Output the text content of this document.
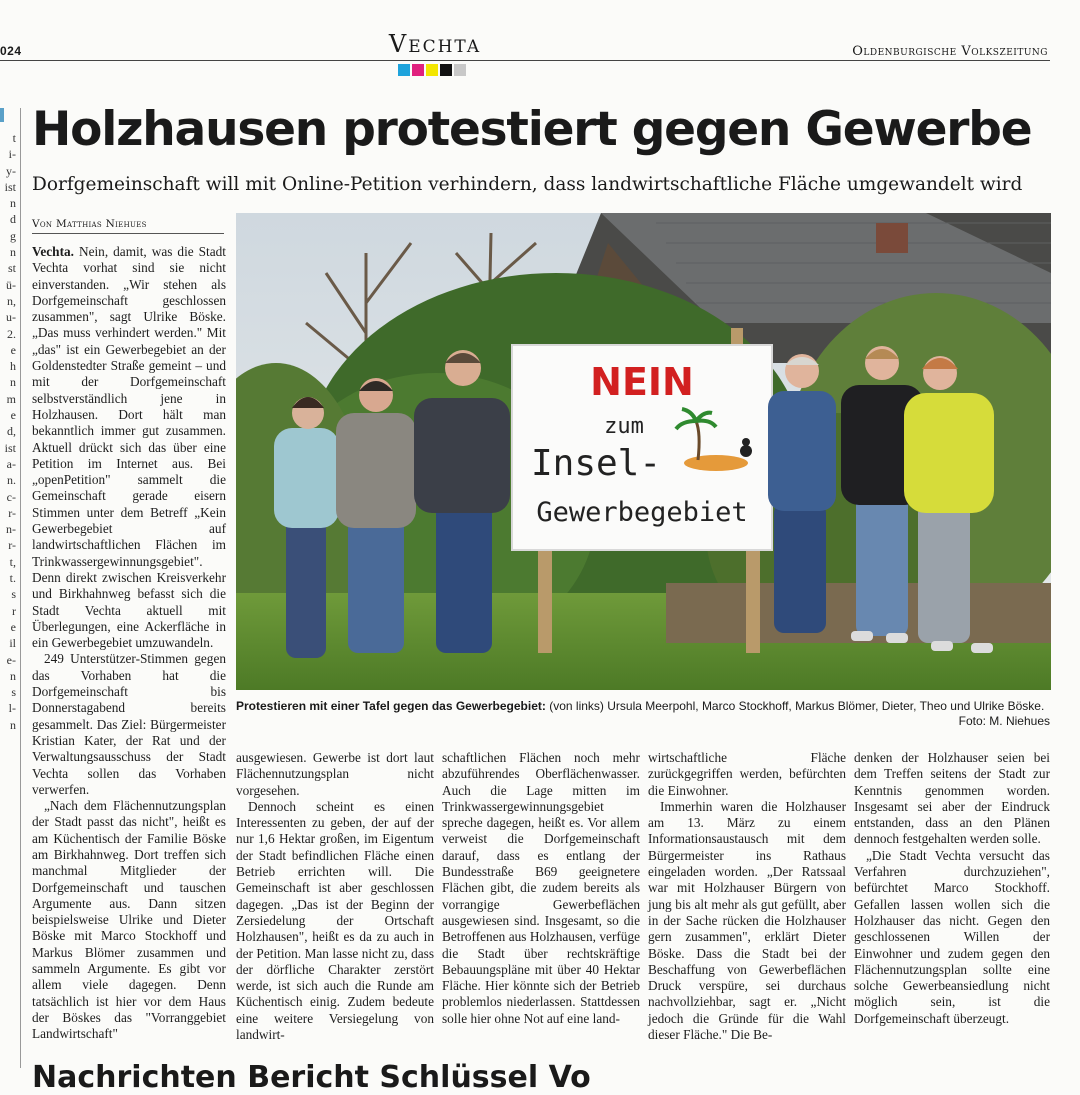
024	Vechta	Oldenburgische Volkszeitung
t
i-
y-
ist
n
d
g
n
st
ü-
n,
u-
2.
e
h
n
m
e
d,
ist
a-
n.
c-
r-
n-
r-
t,
t.
s
r
e
il
e-
n
s
l-
n
Holzhausen protestiert gegen Gewerbe
Dorfgemeinschaft will mit Online-Petition verhindern, dass landwirtschaftliche Fläche umgewandelt wird
Von Matthias Niehues

Vechta. Nein, damit, was die Stadt Vechta vorhat sind sie nicht einverstanden. „Wir stehen als Dorfgemeinschaft geschlossen zusammen", sagt Ulrike Böske. „Das muss verhindert werden." Mit „das" ist ein Gewerbegebiet an der Goldenstedter Straße gemeint – und mit der Dorfgemeinschaft selbstverständlich jene in Holzhausen. Dort hält man bekanntlich immer gut zusammen. Aktuell drückt sich das über eine Petition im Internet aus. Bei „openPetition" sammelt die Gemeinschaft gerade eisern Stimmen unter dem Betreff „Kein Gewerbegebiet auf landwirtschaftlichen Flächen im Trinkwassergewinnungsgebiet". Denn direkt zwischen Kreisverkehr und Birkhahnweg befasst sich die Stadt Vechta aktuell mit Überlegungen, eine Ackerfläche in ein Gewerbegebiet umzuwandeln.

249 Unterstützer-Stimmen gegen das Vorhaben hat die Dorfgemeinschaft bis Donnerstagabend bereits gesammelt. Das Ziel: Bürgermeister Kristian Kater, der Rat und der Verwaltungsausschuss der Stadt Vechta sollen das Vorhaben verwerfen.

„Nach dem Flächennutzungsplan der Stadt passt das nicht", heißt es am Küchentisch der Familie Böske am Birkhahnweg. Dort treffen sich manchmal Mitglieder der Dorfgemeinschaft und tauschen Argumente aus. Dann sitzen beispielsweise Ulrike und Dieter Böske mit Marco Stockhoff und Markus Blömer zusammen und sammeln Argumente. Es gibt vor allem viele dagegen. Denn tatsächlich ist hier vor dem Haus der Böskes das "Vorranggebiet Landwirtschaft"

NEIN
zum
Insel-
Gewerbegebiet
Protestieren mit einer Tafel gegen das Gewerbegebiet: (von links) Ursula Meerpohl, Marco Stockhoff, Markus Blömer, Dieter, Theo und Ulrike Böske.
Foto: M. Niehues

ausgewiesen. Gewerbe ist dort laut Flächennutzungsplan nicht vorgesehen.

Dennoch scheint es einen Interessenten zu geben, der auf der nur 1,6 Hektar großen, im Eigentum der Stadt befindlichen Fläche einen Betrieb errichten will. Die Gemeinschaft ist aber geschlossen dagegen. „Das ist der Beginn der Zersiedelung der Ortschaft Holzhausen", heißt es da zu auch in der Petition. Man lasse nicht zu, dass der dörfliche Charakter zerstört werde, ist sich auch die Runde am Küchentisch einig. Zudem bedeute eine weitere Versiegelung von landwirt-

schaftlichen Flächen noch mehr abzuführendes Oberflächenwasser. Auch die Lage mitten im Trinkwassergewinnungsgebiet spreche dagegen, heißt es. Vor allem verweist die Dorfgemeinschaft darauf, dass es entlang der Bundesstraße B69 geeignetere Flächen gibt, die zudem bereits als vorrangige Gewerbeflächen ausgewiesen sind. Insgesamt, so die Betroffenen aus Holzhausen, verfüge die Stadt über rechtskräftige Bebauungspläne mit über 40 Hektar Fläche. Hier könnte sich der Betrieb problemlos niederlassen. Stattdessen solle hier ohne Not auf eine land-

wirtschaftliche Fläche zurückgegriffen werden, befürchten die Einwohner.

Immerhin waren die Holzhauser am 13. März zu einem Informationsaustausch mit dem Bürgermeister ins Rathaus eingeladen worden. „Der Ratssaal war mit Holzhauser Bürgern von jung bis alt mehr als gut gefüllt, aber in der Sache rücken die Holzhauser gern zusammen", erklärt Dieter Böske. Dass die Stadt bei der Beschaffung von Gewerbeflächen Druck verspüre, sei durchaus nachvollziehbar, sagt er. „Nicht jedoch die Gründe für die Wahl dieser Fläche." Die Be-

denken der Holzhauser seien bei dem Treffen seitens der Stadt zur Kenntnis genommen worden. Insgesamt sei aber der Eindruck entstanden, dass an den Plänen dennoch festgehalten werden solle.

„Die Stadt Vechta versucht das Verfahren durchzuziehen", befürchtet Marco Stockhoff. Gefallen lassen wollen sich die Holzhauser das nicht. Gegen den geschlossenen Willen der Einwohner und zudem gegen den Flächennutzungsplan sollte eine solche Gewerbeansiedlung nicht möglich sein, ist die Dorfgemeinschaft überzeugt.

Nachrichten Bericht Schlüssel Vo
